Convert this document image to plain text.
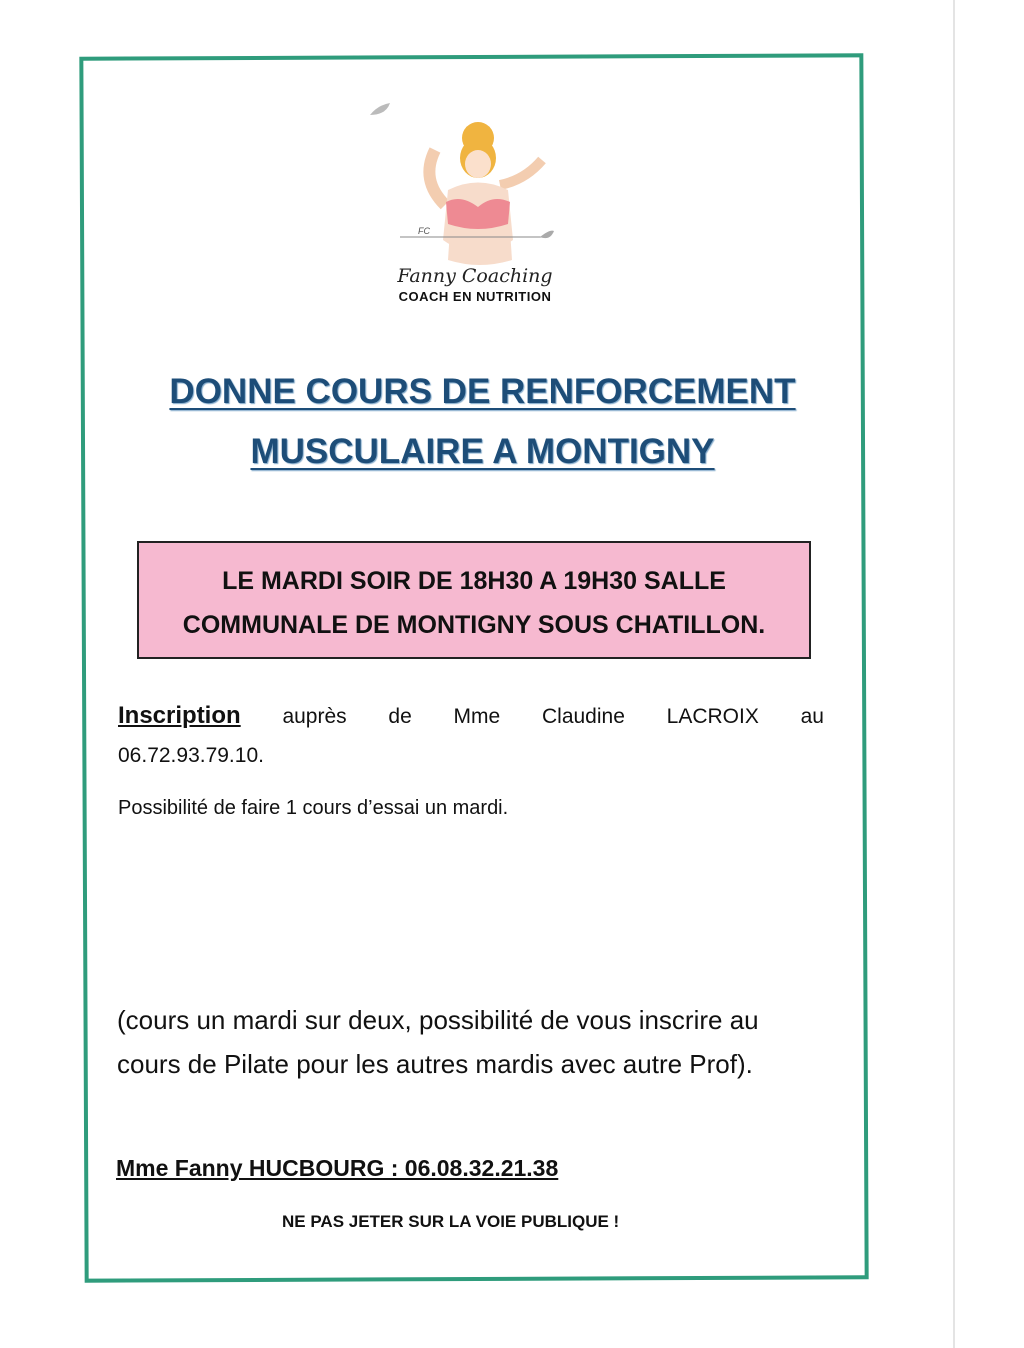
FC
Fanny Coaching
COACH EN NUTRITION
DONNE COURS DE RENFORCEMENT
MUSCULAIRE A MONTIGNY
LE MARDI SOIR DE 18H30 A 19H30 SALLE
COMMUNALE DE MONTIGNY SOUS CHATILLON.
Inscription auprès de Mme Claudine LACROIX au
06.72.93.79.10.
Possibilité de faire 1 cours d’essai un mardi.
(cours un mardi sur deux, possibilité de vous inscrire au
cours de Pilate pour les autres mardis avec autre Prof).
Mme Fanny HUCBOURG : 06.08.32.21.38
NE PAS JETER SUR LA VOIE PUBLIQUE !
